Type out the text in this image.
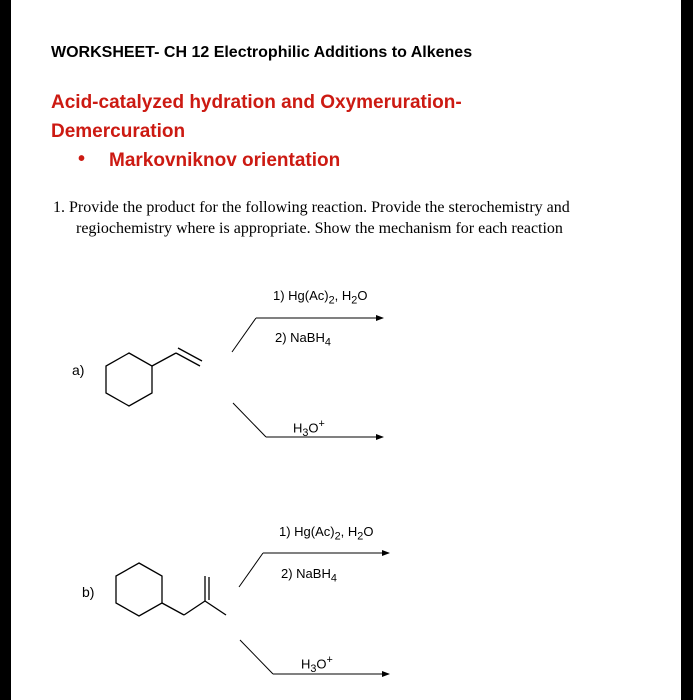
WORKSHEET- CH 12 Electrophilic Additions to Alkenes
Acid-catalyzed hydration and Oxymeruration-
Demercuration
• Markovniknov orientation
1. Provide the product for the following reaction. Provide the sterochemistry and
regiochemistry where is appropriate. Show the mechanism for each reaction
a)
1) $Hg(Ac)_2$, $H_2O$
2) NaBH$_4$
$H_3O^+$
b)
1) $Hg(Ac)_2$, $H_2O$
2) NaBH$_4$
$H_3O^+$
